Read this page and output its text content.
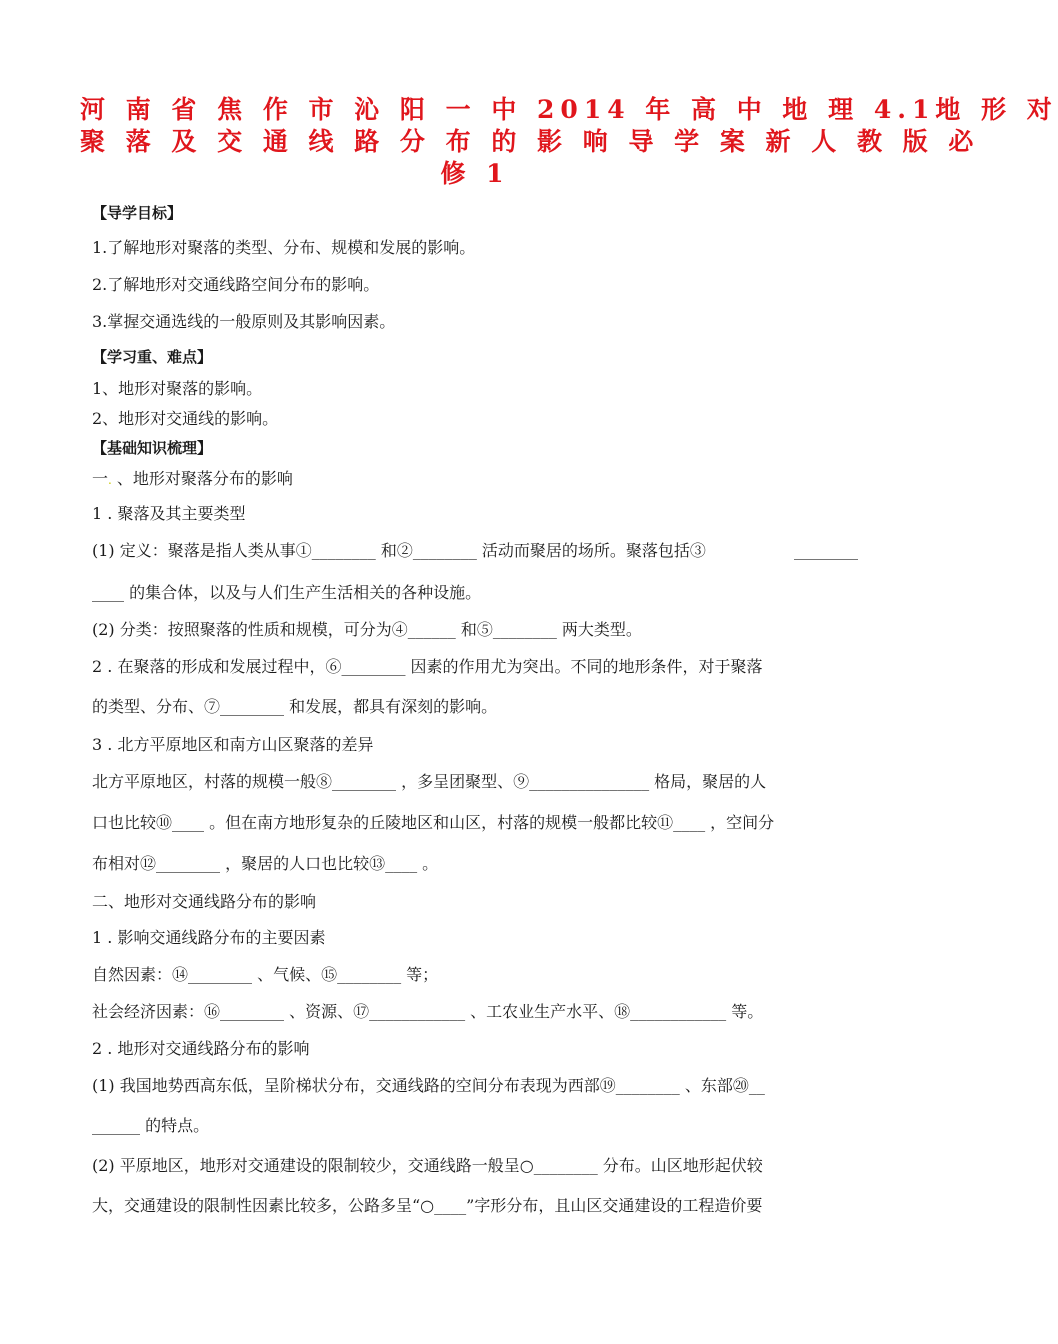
河 南 省 焦 作 市 沁 阳 一 中 2014 年 高 中 地 理 4.1地 形 对
聚 落 及 交 通 线 路 分 布 的 影 响 导 学 案 新 人 教 版 必
修 1
【导学目标】
1.了解地形对聚落的类型、分布、规模和发展的影响。
2.了解地形对交通线路空间分布的影响。
3.掌握交通选线的一般原则及其影响因素。
【学习重、难点】
1、地形对聚落的影响。
2、地形对交通线的影响。
【基础知识梳理】
一. 、地形对聚落分布的影响
1 . 聚落及其主要类型
(1) 定义：聚落是指人类从事①________ 和②________ 活动而聚居的场所。聚落包括③	________
____ 的集合体，以及与人们生产生活相关的各种设施。
(2) 分类：按照聚落的性质和规模，可分为④______ 和⑤________ 两大类型。
2 . 在聚落的形成和发展过程中，⑥________ 因素的作用尤为突出。不同的地形条件，对于聚落
的类型、分布、⑦________ 和发展，都具有深刻的影响。
3 . 北方平原地区和南方山区聚落的差异
北方平原地区，村落的规模一般⑧________ ，多呈团聚型、⑨_______________ 格局，聚居的人
口也比较⑩____ 。但在南方地形复杂的丘陵地区和山区，村落的规模一般都比较⑪____ ，空间分
布相对⑫________ ，聚居的人口也比较⑬____ 。
二、地形对交通线路分布的影响
1 . 影响交通线路分布的主要因素
自然因素：⑭________ 、气候、⑮________ 等；
社会经济因素：⑯________ 、资源、⑰____________ 、工农业生产水平、⑱____________ 等。
2 . 地形对交通线路分布的影响
(1) 我国地势西高东低，呈阶梯状分布，交通线路的空间分布表现为西部⑲________ 、东部⑳__
______ 的特点。
(2) 平原地区，地形对交通建设的限制较少，交通线路一般呈○________ 分布。山区地形起伏较
大，交通建设的限制性因素比较多，公路多呈“○____”字形分布，且山区交通建设的工程造价要
